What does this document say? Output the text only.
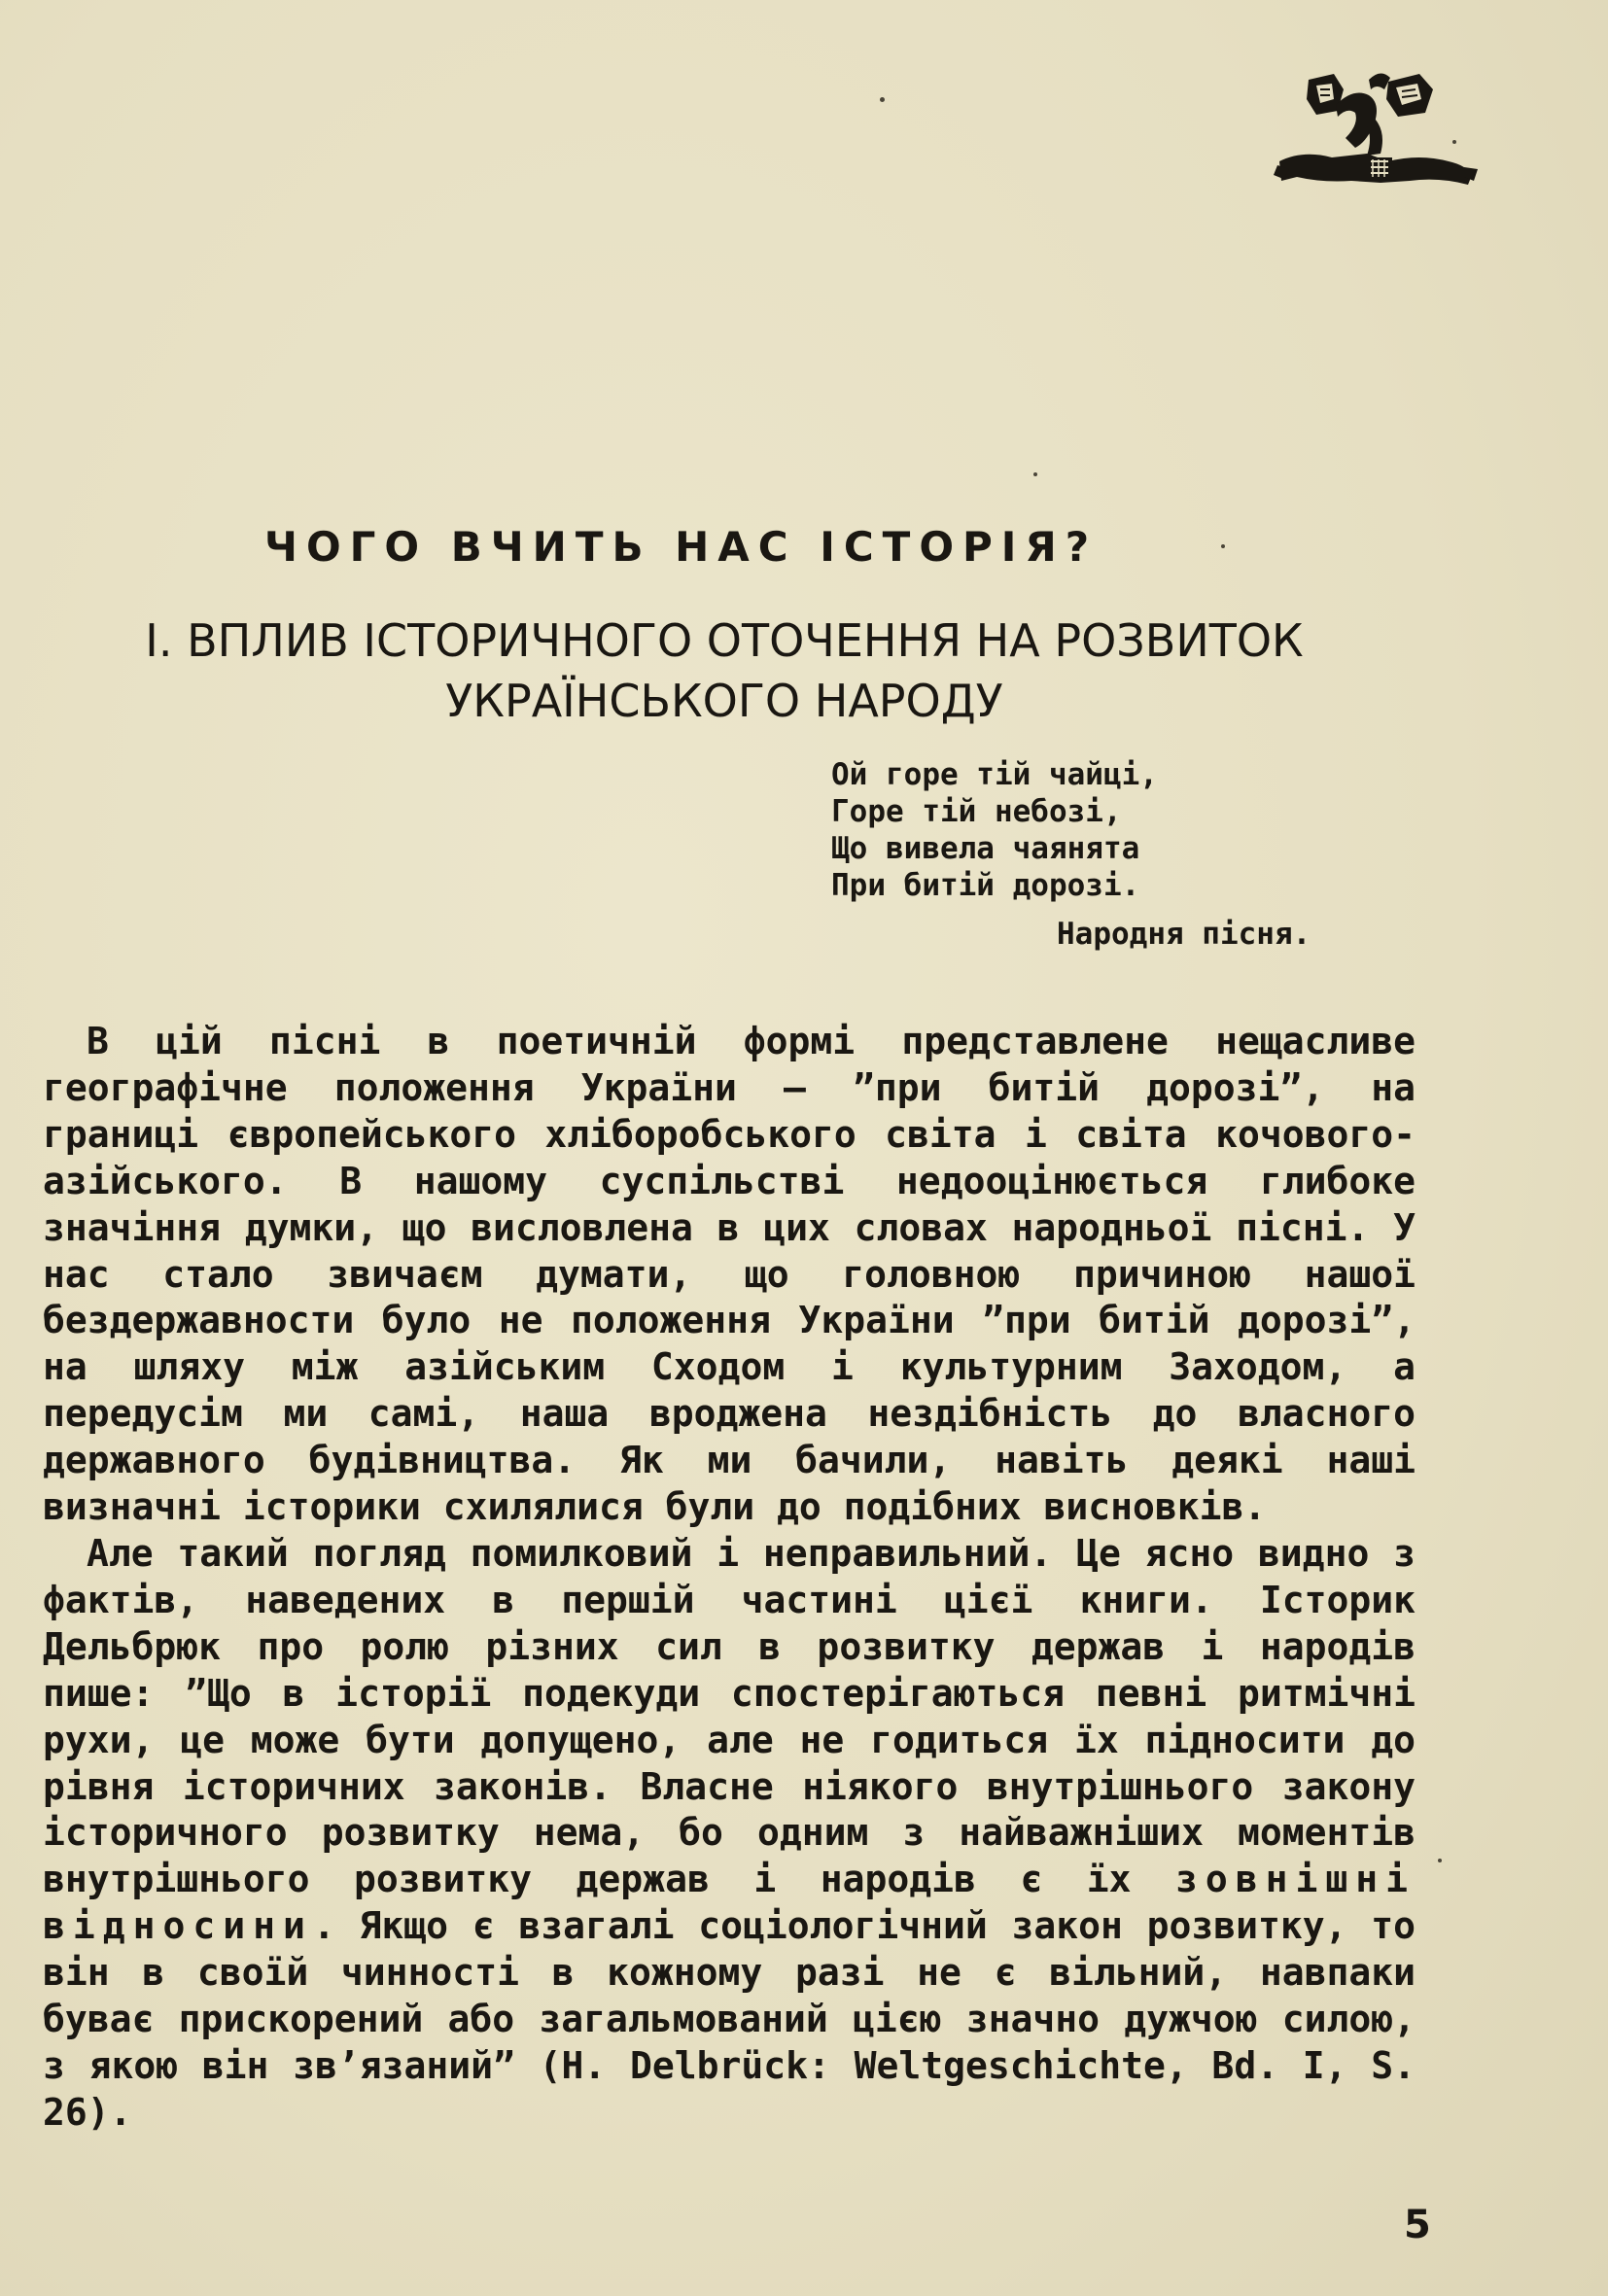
ЧОГО ВЧИТЬ НАС ІСТОРІЯ?
I. ВПЛИВ ІСТОРИЧНОГО ОТОЧЕННЯ НА РОЗВИТОК
УКРАЇНСЬКОГО НАРОДУ
Ой горе тій чайці,
Горе тій небозі,
Що вивела чаянята
При битій дорозі.
Народня пісня.

В цій пісні в поетичній формі представлене нещасливе географічне положення України — ”при битій дорозі”, на границі європейського хліборобського світа і світа кочового-азійського. В нашому суспільстві недооцінюється глибоке значіння думки, що висловлена в цих словах народньої пісні. У нас стало звичаєм думати, що головною причиною нашої бездержавности було не положення України ”при битій дорозі”, на шляху між азійським Сходом і культурним Заходом, а передусім ми самі, наша вроджена нездібність до власного державного будівництва. Як ми бачили, навіть деякі наші визначні історики схилялися були до подібних висновків.

Але такий погляд помилковий і неправильний. Це ясно видно з фактів, наведених в першій частині цієї книги. Історик Дельбрюк про ролю різних сил в розвитку держав і народів пише: ”Що в історії подекуди спостерігаються певні ритмічні рухи, це може бути допущено, але не годиться їх підносити до рівня історичних законів. Власне ніякого внутрішнього закону історичного розвитку нема, бо одним з найважніших моментів внутрішнього розвитку держав і народів є їх зовнішні відносини. Якщо є взагалі соціологічний закон розвитку, то він в своїй чинності в кожному разі не є вільний, навпаки буває прискорений або загальмований цією значно дужчою силою, з якою він зв’язаний” (H. Delbrück: Weltgeschichte, Bd. I, S. 26).

5
